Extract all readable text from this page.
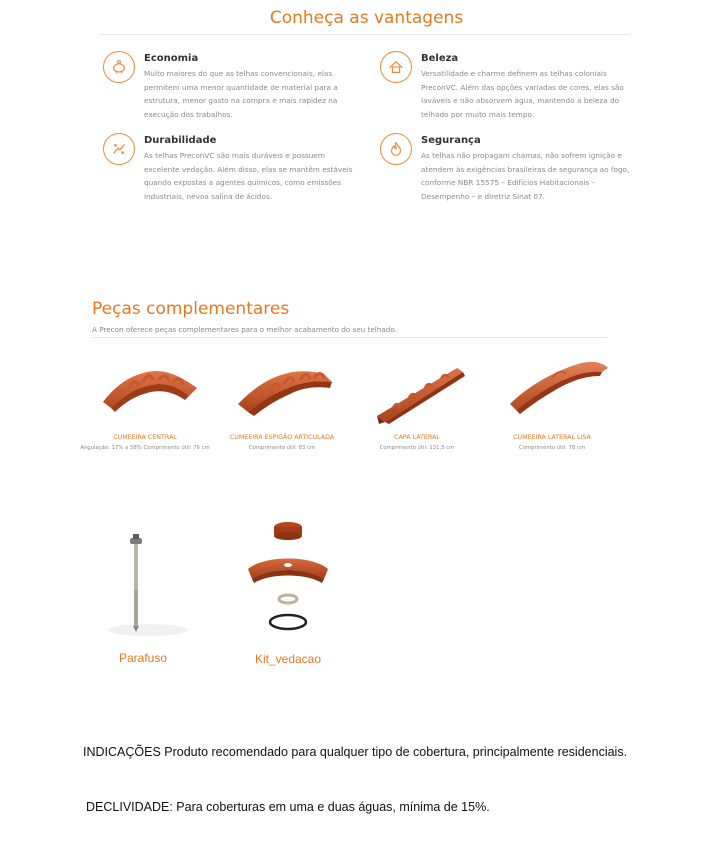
Conheça as vantagens
Economia

Muito maiores do que as telhas convencionais, elas permitem uma menor quantidade de material para a estrutura, menor gasto na compra e mais rapidez na execução dos trabalhos.

Beleza

Versatilidade e charme definem as telhas coloniais PreconVC. Além das opções variadas de cores, elas são laváveis e não absorvem água, mantendo a beleza do telhado por muito mais tempo.

Durabilidade

As telhas PreconVC são mais duráveis e possuem excelente vedação. Além disso, elas se mantêm estáveis quando expostas a agentes químicos, como emissões industriais, névoa salina de ácidos.

Segurança

As telhas não propagam chamas, não sofrem ignição e atendem às exigências brasileiras de segurança ao fogo, conforme NBR 15575 – Edifícios Habitacionais – Desempenho – e diretriz Sinat 07.

Peças complementares
A Precon oferece peças complementares para o melhor acabamento do seu telhado.
CUMEEIRA CENTRAL
Angulação: 17% a 58% Comprimento útil: 76 cm
CUMEEIRA ESPIGÃO ARTICULADA
Comprimento útil: 83 cm
CAPA LATERAL
Comprimento útil: 131,5 cm
CUMEEIRA LATERAL LISA
Comprimento útil: 78 cm
Parafuso	Kit_vedacao
INDICAÇÕES Produto recomendado para qualquer tipo de cobertura, principalmente residenciais.
DECLIVIDADE: Para coberturas em uma e duas águas, mínima de 15%.
